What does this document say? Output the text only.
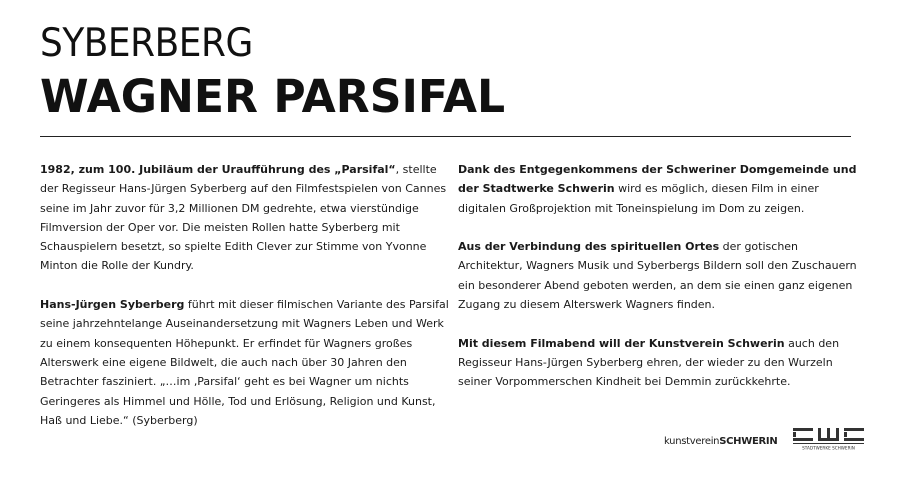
SYBERBERG
WAGNER PARSIFAL

1982, zum 100. Jubiläum der Uraufführung des „Parsifal“, stellte der Regisseur Hans-Jürgen Syberberg auf den Filmfestspielen von Cannes seine im Jahr zuvor für 3,2 Millionen DM gedrehte, etwa vierstündige Filmversion der Oper vor. Die meisten Rollen hatte Syberberg mit Schauspielern besetzt, so spielte Edith Clever zur Stimme von Yvonne Minton die Rolle der Kundry.

Hans-Jürgen Syberberg führt mit dieser filmischen Variante des Parsifal seine jahrzehntelange Auseinandersetzung mit Wagners Leben und Werk zu einem konsequenten Höhepunkt. Er erfindet für Wagners großes Alterswerk eine eigene Bildwelt, die auch nach über 30 Jahren den Betrachter fasziniert. „…im ‚Parsifal‘ geht es bei Wagner um nichts Geringeres als Himmel und Hölle, Tod und Erlösung, Religion und Kunst, Haß und Liebe.“ (Syberberg)

Dank des Entgegenkommens der Schweriner Domgemeinde und der Stadtwerke Schwerin wird es möglich, diesen Film in einer digitalen Großprojektion mit Toneinspielung im Dom zu zeigen.

Aus der Verbindung des spirituellen Ortes der gotischen Architektur, Wagners Musik und Syberbergs Bildern soll den Zuschauern ein besonderer Abend geboten werden, an dem sie einen ganz eigenen Zugang zu diesem Alterswerk Wagners finden.

Mit diesem Filmabend will der Kunstverein Schwerin auch den Regisseur Hans-Jürgen Syberberg ehren, der wieder zu den Wurzeln seiner Vorpommerschen Kindheit bei Demmin zurückkehrte.

kunstvereinSCHWERIN
STADTWERKE SCHWERIN
